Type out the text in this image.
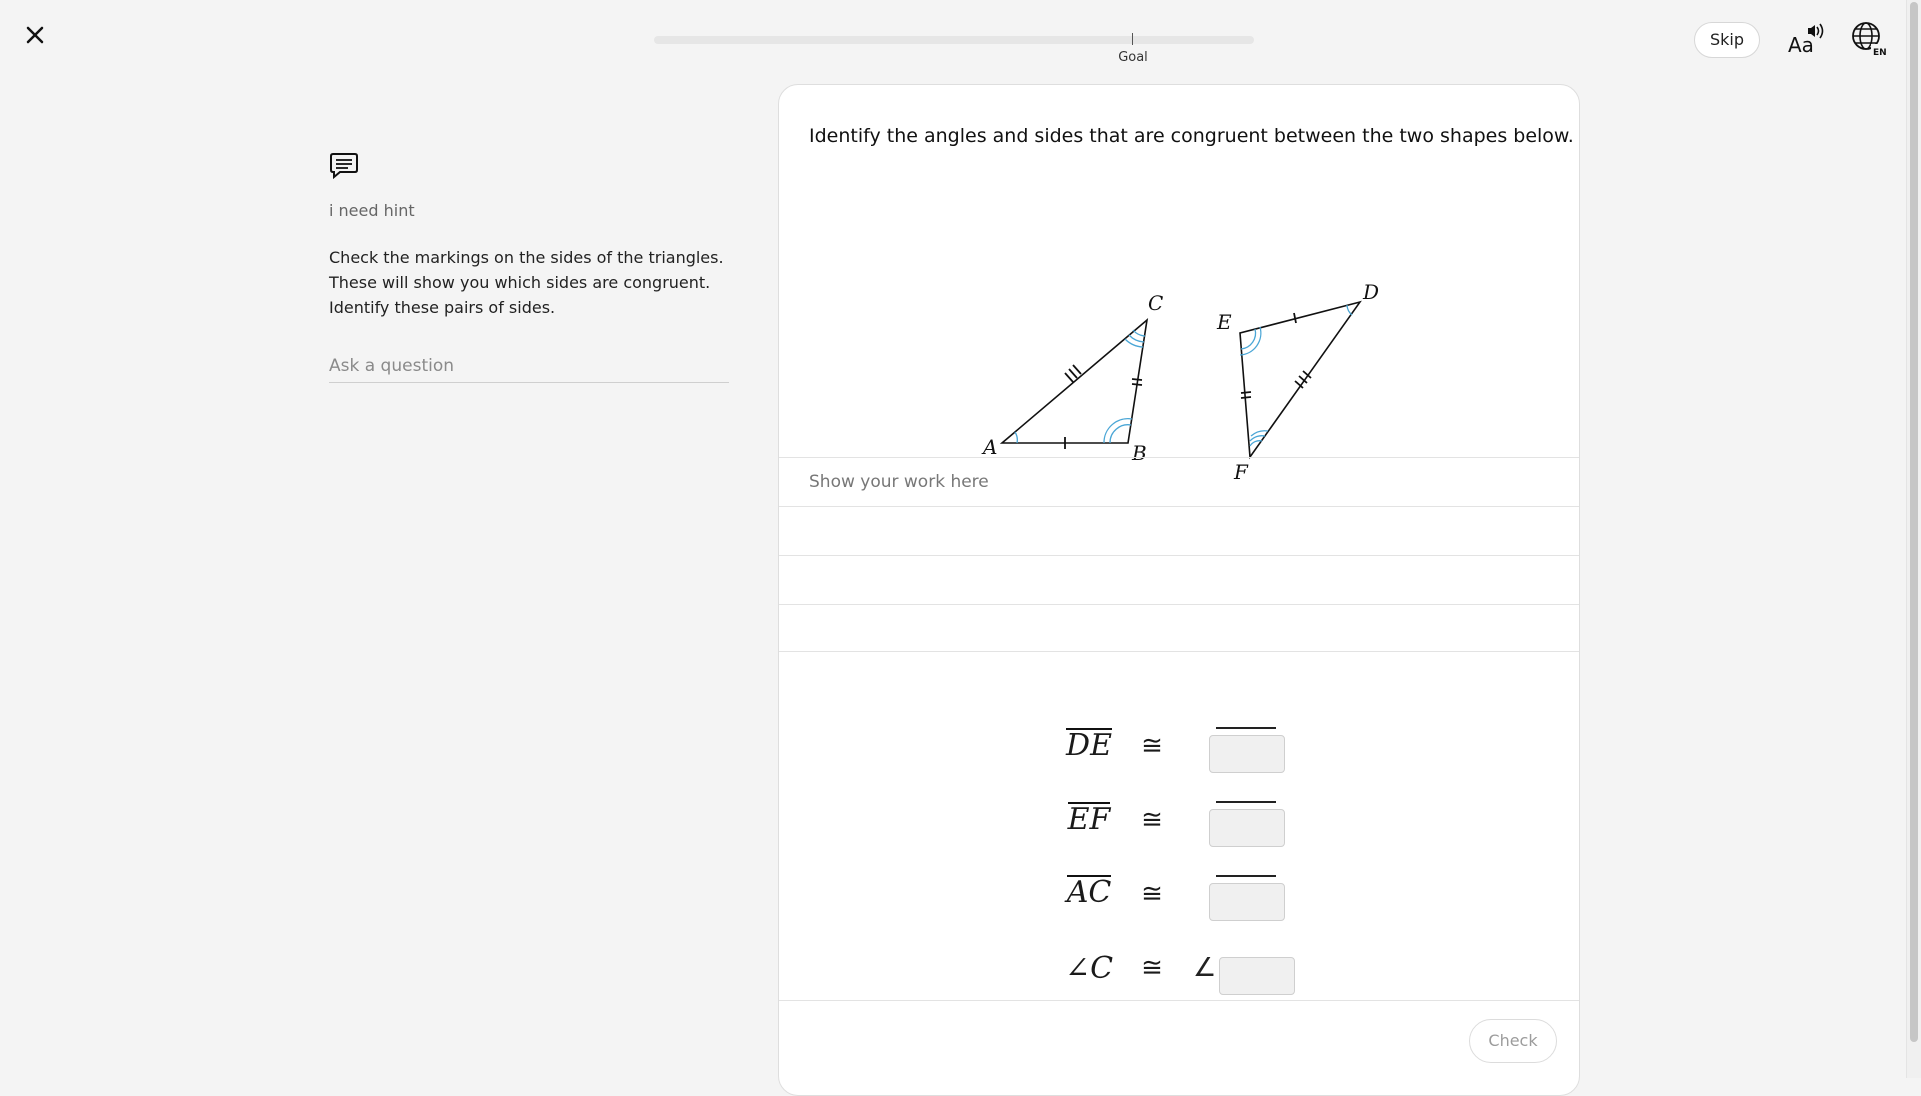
Goal
Skip	Aa	EN
i need hint
Check the markings on the sides of the triangles. These will show you which sides are congruent. Identify these pairs of sides.
Ask a question
Identify the angles and sides that are congruent between the two shapes below.
A	B
C	D
E
F
Show your work here
DE ≅
EF	≅
AC ≅
∠C ≅ ∠
Check
